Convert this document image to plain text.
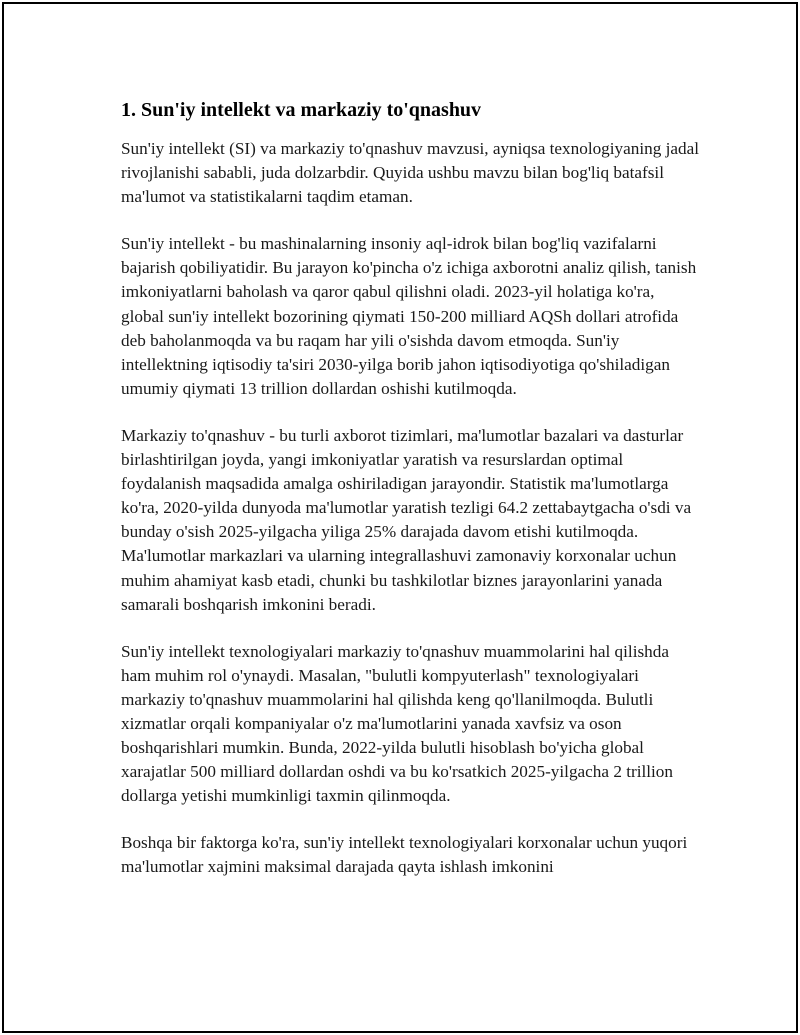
1. Sun'iy intellekt va markaziy to'qnashuv

Sun'iy intellekt (SI) va markaziy to'qnashuv mavzusi, ayniqsa texnologiyaning jadal rivojlanishi sababli, juda dolzarbdir. Quyida ushbu mavzu bilan bog'liq batafsil ma'lumot va statistikalarni taqdim etaman.

Sun'iy intellekt - bu mashinalarning insoniy aql-idrok bilan bog'liq vazifalarni bajarish qobiliyatidir. Bu jarayon ko'pincha o'z ichiga axborotni analiz qilish, tanish imkoniyatlarni baholash va qaror qabul qilishni oladi. 2023-yil holatiga ko'ra, global sun'iy intellekt bozorining qiymati 150-200 milliard AQSh dollari atrofida deb baholanmoqda va bu raqam har yili o'sishda davom etmoqda. Sun'iy intellektning iqtisodiy ta'siri 2030-yilga borib jahon iqtisodiyotiga qo'shiladigan umumiy qiymati 13 trillion dollardan oshishi kutilmoqda.

Markaziy to'qnashuv - bu turli axborot tizimlari, ma'lumotlar bazalari va dasturlar birlashtirilgan joyda, yangi imkoniyatlar yaratish va resurslardan optimal foydalanish maqsadida amalga oshiriladigan jarayondir. Statistik ma'lumotlarga ko'ra, 2020-yilda dunyoda ma'lumotlar yaratish tezligi 64.2 zettabaytgacha o'sdi va bunday o'sish 2025-yilgacha yiliga 25% darajada davom etishi kutilmoqda. Ma'lumotlar markazlari va ularning integrallashuvi zamonaviy korxonalar uchun muhim ahamiyat kasb etadi, chunki bu tashkilotlar biznes jarayonlarini yanada samarali boshqarish imkonini beradi.

Sun'iy intellekt texnologiyalari markaziy to'qnashuv muammolarini hal qilishda ham muhim rol o'ynaydi. Masalan, "bulutli kompyuterlash" texnologiyalari markaziy to'qnashuv muammolarini hal qilishda keng qo'llanilmoqda. Bulutli xizmatlar orqali kompaniyalar o'z ma'lumotlarini yanada xavfsiz va oson boshqarishlari mumkin. Bunda, 2022-yilda bulutli hisoblash bo'yicha global xarajatlar 500 milliard dollardan oshdi va bu ko'rsatkich 2025-yilgacha 2 trillion dollarga yetishi mumkinligi taxmin qilinmoqda.

Boshqa bir faktorga ko'ra, sun'iy intellekt texnologiyalari korxonalar uchun yuqori ma'lumotlar xajmini maksimal darajada qayta ishlash imkonini
